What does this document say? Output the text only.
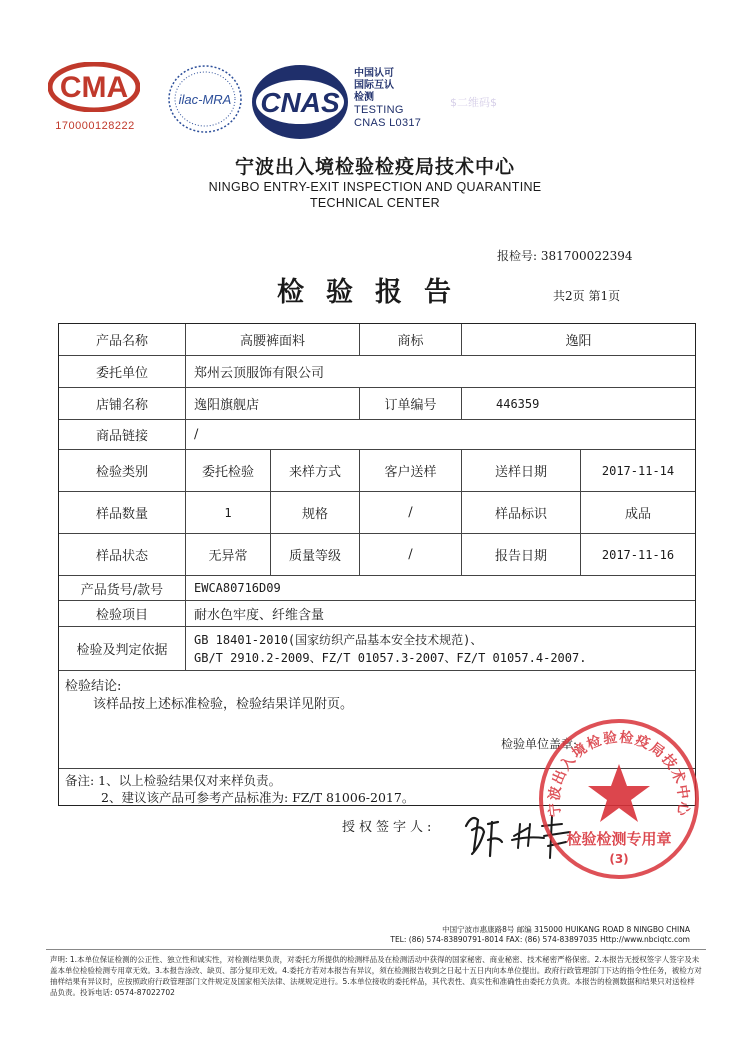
CMA
170000128222
ilac-MRA CNAS
中国认可
国际互认
检测
TESTING
CNAS L0317
$二维码$
宁波出入境检验检疫局技术中心
NINGBO ENTRY-EXIT INSPECTION AND QUARANTINE
TECHNICAL CENTER
报检号: 381700022394
检验报告	共2页 第1页
产品名称	高腰裤面料	商标	逸阳
委托单位	郑州云顶服饰有限公司
店铺名称	逸阳旗舰店	订单编号	446359
商品链接	/
检验类别	委托检验	来样方式	客户送样	送样日期	2017-11-14
样品数量	1	规格	/	样品标识	成品
样品状态	无异常	质量等级	/	报告日期	2017-11-16
产品货号/款号	EWCA80716D09
检验项目	耐水色牢度、纤维含量
检验及判定依据
GB 18401-2010(国家纺织产品基本安全技术规范)、
GB/T 2910.2-2009、FZ/T 01057.3-2007、FZ/T 01057.4-2007.
检验结论:
该样品按上述标准检验，检验结果详见附页。
检验单位盖章:
备注: 1、以上检验结果仅对来样负责。
2、建议该产品可参考产品标准为: FZ/T 81006-2017。
授权签字人:
宁波出入境检验检疫局技术中心
检验检测专用章
(3)
中国宁波市惠康路8号 邮编 315000 HUIKANG ROAD 8 NINGBO CHINA
TEL: (86) 574-83890791-8014 FAX: (86) 574-83897035 Http://www.nbciqtc.com
声明: 1.本单位保证检测的公正性、独立性和诚实性，对检测结果负责，对委托方所提供的检测样品及在检测活动中获得的国家秘密、商业秘密、技术秘密严格保密。2.本报告无授权签字人签字及未盖本单位检验检测专用章无效。3.本报告涂改、缺页、部分复印无效。4.委托方若对本报告有异议，须在检测报告收到之日起十五日内向本单位提出。政府行政管理部门下达的指令性任务，被检方对抽样结果有异议时，应按照政府行政管理部门文件规定及国家相关法律、法规规定进行。5.本单位接收的委托样品，其代表性、真实性和准确性由委托方负责。本报告的检测数据和结果只对送检样品负责。投诉电话: 0574-87022702
